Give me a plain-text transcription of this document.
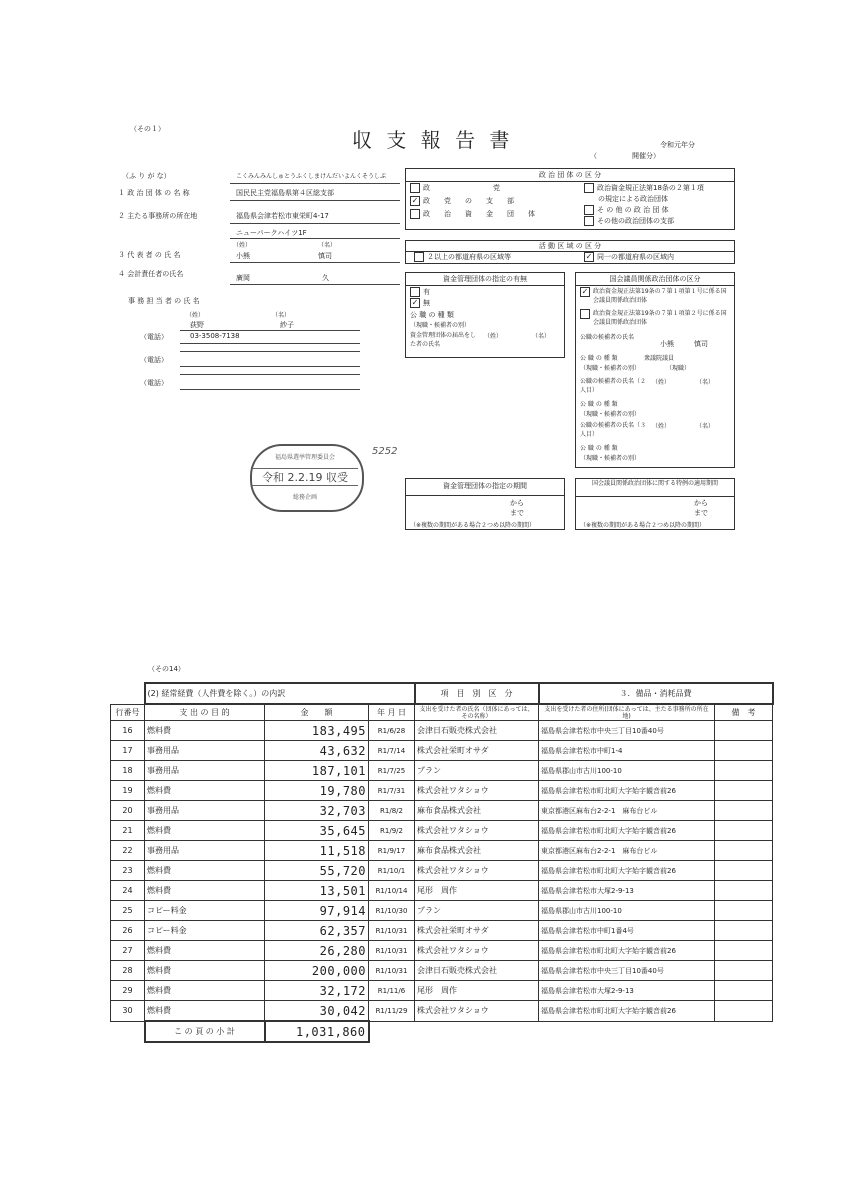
（その１）	収 支 報 告 書	令和元年分
（　　　　　開催分）
（ふ り が な）	こくみんみんしゅとうふくしまけんだいよんくそうしぶ
１ 政 治 団 体 の 名 称	国民民主党福島県第４区総支部
２ 主たる事務所の所在地	福島県会津若松市東栄町4-17
ニューパークハイツ1F
（姓）	（名）
３ 代 表 者 の 氏 名	小熊	慎司
４ 会計責任者の氏名	廣岡	久
事 務 担 当 者 の 氏 名
（姓）	（名）
荻野	紗子
（電話）	03-3508-7138
（電話）
（電話）
政 治 団 体 の 区 分
政　　　　　　　　　党
✓ 政　　党　　の　　支　　部
政　　治　　資　　金　　団　　体
政治資金規正法第18条の２第１項
の規定による政治団体
そ の 他 の 政 治 団 体
その他の政治団体の支部
活 動 区 域 の 区 分
２以上の都道府県の区域等	✓ 同一の都道府県の区域内
資金管理団体の指定の有無
有
✓ 無
公 職 の 種 類
（現職・候補者の別）
資金管理団体の届出をした者の氏名
（姓）	（名）
国会議員関係政治団体の区分
✓ 政治資金規正法第19条の７第１項第１号に係る国会議員関係政治団体
政治資金規正法第19条の７第１項第２号に係る国会議員関係政治団体
公職の候補者の氏名
小熊	慎司
公 職 の 種 類	衆議院議員
（現職・候補者の別）	（現職）
公職の候補者の氏名（２人目）
（姓）	（名）
公 職 の 種 類
（現職・候補者の別）
公職の候補者の氏名（３人目）
（姓）	（名）
公 職 の 種 類
（現職・候補者の別）
資金管理団体の指定の期間
から
まで
（※複数の期間がある場合２つめ以降の期間）
国会議員関係政治団体に関する特例の適用期間
から
まで
（※複数の期間がある場合２つめ以降の期間）
福島県選挙管理委員会
令和 2.2.19 収受
総務企画
5252
（その14）
	(2) 経常経費（人件費を除く。）の内訳			項　目　別　区　分	３．備品・消耗品費	
行番号	支 出 の 目 的	金　　額	年 月 日	支出を受けた者の氏名（団体にあっては、その名称）	支出を受けた者の住所(団体にあっては、主たる事務所の所在地)	備　考
16	燃料費	183,495	R1/6/28	会津日石販売株式会社	福島県会津若松市中央三丁目10番40号	
17	事務用品	43,632	R1/7/14	株式会社栄町オサダ	福島県会津若松市中町1-4	
18	事務用品	187,101	R1/7/25	プラン	福島県郡山市古川100-10	
19	燃料費	19,780	R1/7/31	株式会社ワタショウ	福島県会津若松市町北町大字始字観音前26	
20	事務用品	32,703	R1/8/2	麻布食品株式会社	東京都港区麻布台2-2-1　麻布台ビル	
21	燃料費	35,645	R1/9/2	株式会社ワタショウ	福島県会津若松市町北町大字始字観音前26	
22	事務用品	11,518	R1/9/17	麻布食品株式会社	東京都港区麻布台2-2-1　麻布台ビル	
23	燃料費	55,720	R1/10/1	株式会社ワタショウ	福島県会津若松市町北町大字始字観音前26	
24	燃料費	13,501	R1/10/14	尾形　周作	福島県会津若松市大塚2-9-13	
25	コピー料金	97,914	R1/10/30	プラン	福島県郡山市古川100-10	
26	コピー料金	62,357	R1/10/31	株式会社栄町オサダ	福島県会津若松市中町1番4号	
27	燃料費	26,280	R1/10/31	株式会社ワタショウ	福島県会津若松市町北町大字始字観音前26	
28	燃料費	200,000	R1/10/31	会津日石販売株式会社	福島県会津若松市中央三丁目10番40号	
29	燃料費	32,172	R1/11/6	尾形　周作	福島県会津若松市大塚2-9-13	
30	燃料費	30,042	R1/11/29	株式会社ワタショウ	福島県会津若松市町北町大字始字観音前26	
	こ の 頁 の 小 計	1,031,860				
